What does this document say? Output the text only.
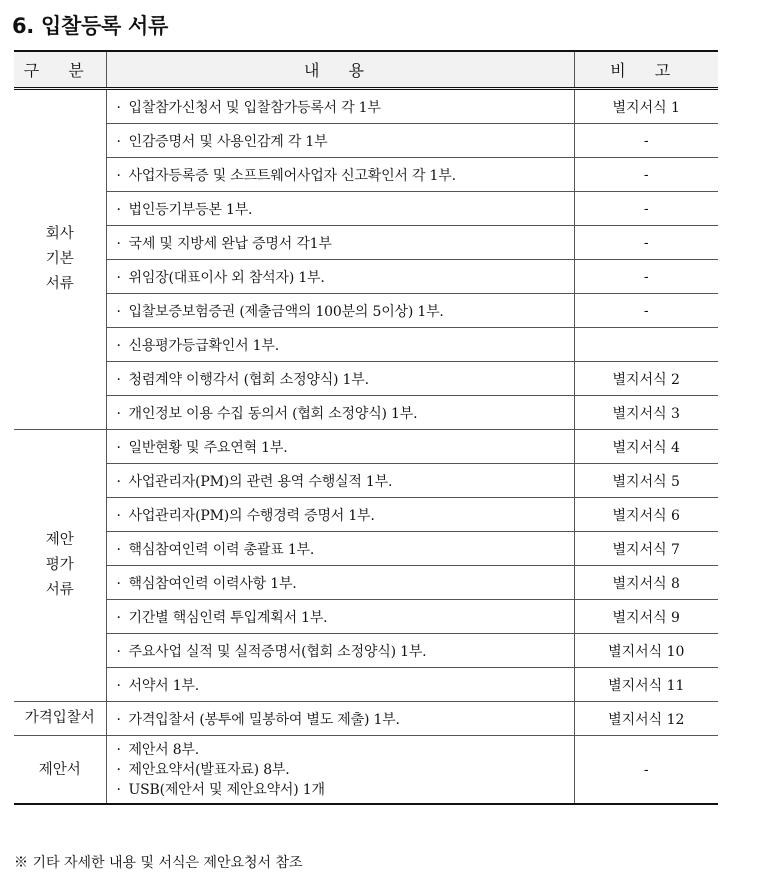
6. 입찰등록 서류
구 분	내 용	비 고

회사
기본
서류	· 입찰참가신청서 및 입찰참가등록서 각 1부	별지서식 1
	· 인감증명서 및 사용인감계 각 1부	-
	· 사업자등록증 및 소프트웨어사업자 신고확인서 각 1부.	-
	· 법인등기부등본 1부.	-
	· 국세 및 지방세 완납 증명서 각1부	-
	· 위임장(대표이사 외 참석자) 1부.	-
	· 입찰보증보험증권 (제출금액의 100분의 5이상) 1부.	-
	· 신용평가등급확인서 1부.	
	· 청렴계약 이행각서 (협회 소정양식) 1부.	별지서식 2
	· 개인정보 이용 수집 동의서 (협회 소정양식) 1부.	별지서식 3

제안
평가
서류	· 일반현황 및 주요연혁 1부.	별지서식 4
	· 사업관리자(PM)의 관련 용역 수행실적 1부.	별지서식 5
	· 사업관리자(PM)의 수행경력 증명서 1부.	별지서식 6
	· 핵심참여인력 이력 총괄표 1부.	별지서식 7
	· 핵심참여인력 이력사항 1부.	별지서식 8
	· 기간별 핵심인력 투입계획서 1부.	별지서식 9
	· 주요사업 실적 및 실적증명서(협회 소정양식) 1부.	별지서식 10
	· 서약서 1부.	별지서식 11
가격입찰서	· 가격입찰서 (봉투에 밀봉하여 별도 제출) 1부.	별지서식 12
제안서	· 제안서 8부.
· 제안요약서(발표자료) 8부.
· USB(제안서 및 제안요약서) 1개	-
※ 기타 자세한 내용 및 서식은 제안요청서 참조
